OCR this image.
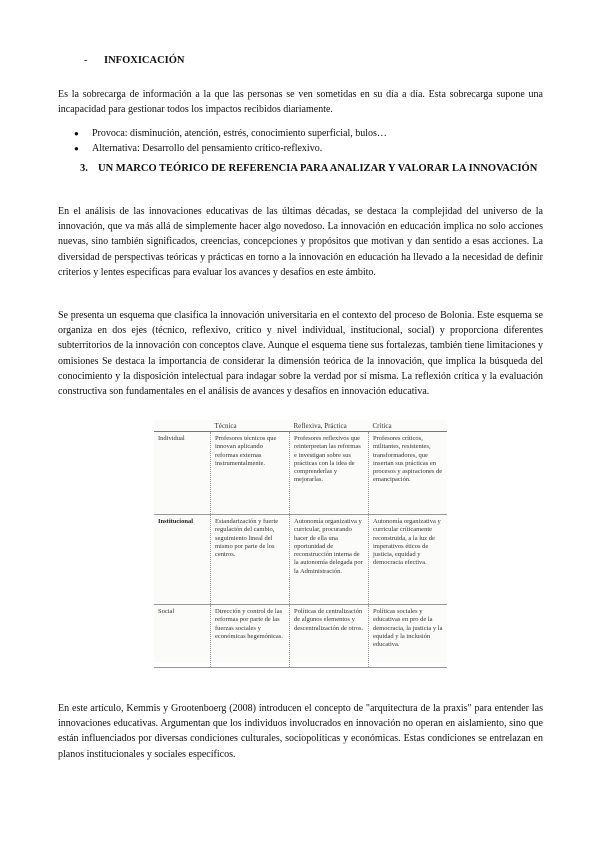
- INFOXICACIÓN

Es la sobrecarga de información a la que las personas se ven sometidas en su día a día. Esta sobrecarga supone una incapacidad para gestionar todos los impactos recibidos diariamente.

● Provoca: disminución, atención, estrés, conocimiento superficial, bulos…
● Alternativa: Desarrollo del pensamiento crítico-reflexivo.
3. UN MARCO TEÓRICO DE REFERENCIA PARA ANALIZAR Y VALORAR LA INNOVACIÓN

En el análisis de las innovaciones educativas de las últimas décadas, se destaca la complejidad del universo de la innovación, que va más allá de simplemente hacer algo novedoso. La innovación en educación implica no solo acciones nuevas, sino también significados, creencias, concepciones y propósitos que motivan y dan sentido a esas acciones. La diversidad de perspectivas teóricas y prácticas en torno a la innovación en educación ha llevado a la necesidad de definir criterios y lentes específicas para evaluar los avances y desafíos en este ámbito.

Se presenta un esquema que clasifica la innovación universitaria en el contexto del proceso de Bolonia. Este esquema se organiza en dos ejes (técnico, reflexivo, crítico y nivel individual, institucional, social) y proporciona diferentes subterritorios de la innovación con conceptos clave. Aunque el esquema tiene sus fortalezas, también tiene limitaciones y omisiones Se destaca la importancia de considerar la dimensión teórica de la innovación, que implica la búsqueda del conocimiento y la disposición intelectual para indagar sobre la verdad por sí misma. La reflexión crítica y la evaluación constructiva son fundamentales en el análisis de avances y desafíos en innovación educativa.

	Técnica	Reflexiva, Práctica	Crítica
Individual	Profesores técnicos que innovan aplicando reformas externas instrumentalmente.	Profesores reflexivos que reinterpretan las reformas e investigan sobre sus prácticas con la idea de comprenderlas y mejorarlas.	Profesores críticos, militantes, resistentes, transformadores, que insertan sus prácticas en procesos y aspiraciones de emancipación.
Institucional	Estandarización y fuerte regulación del cambio, seguimiento lineal del mismo por parte de los centros.	Autonomía organizativa y curricular, procurando hacer de ella una oportunidad de reconstrucción interna de la autonomía delegada por la Administración.	Autonomía organizativa y curricular críticamente reconstruida, a la luz de imperativos éticos de justicia, equidad y democracia efectiva.
Social	Dirección y control de las reformas por parte de las fuerzas sociales y económicas hegemónicas.	Políticas de centralización de algunos elementos y descentralización de otros.	Políticas sociales y educativas en pro de la democracia, la justicia y la equidad y la inclusión educativa.

En este artículo, Kemmis y Grootenboerg (2008) introducen el concepto de "arquitectura de la praxis" para entender las innovaciones educativas. Argumentan que los individuos involucrados en innovación no operan en aislamiento, sino que están influenciados por diversas condiciones culturales, sociopolíticas y económicas. Estas condiciones se entrelazan en planos institucionales y sociales específicos.
